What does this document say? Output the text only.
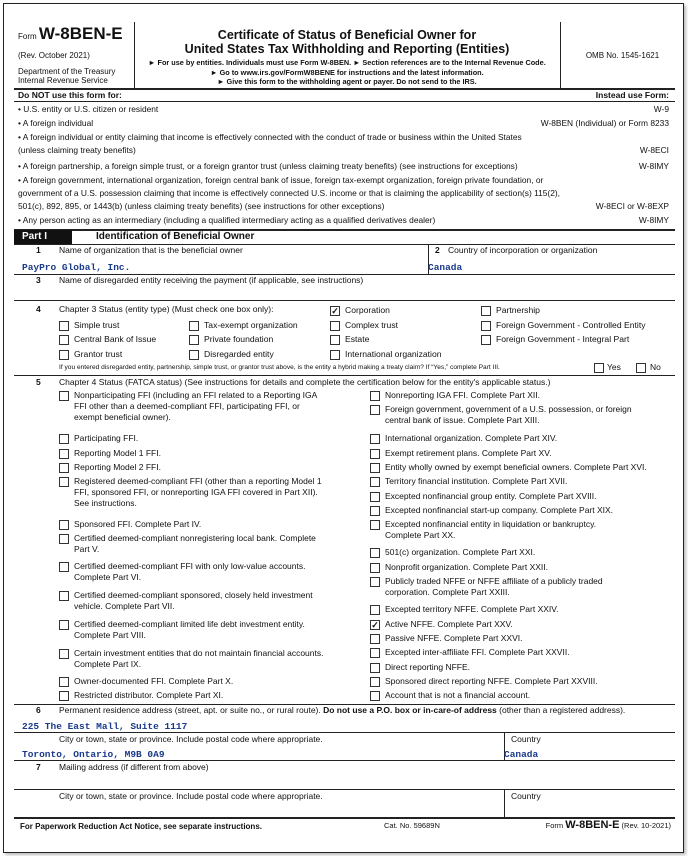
Form W-8BEN-E
(Rev. October 2021)
Department of the Treasury
Internal Revenue Service
Certificate of Status of Beneficial Owner for
United States Tax Withholding and Reporting (Entities)
► For use by entities. Individuals must use Form W-8BEN. ► Section references are to the Internal Revenue Code.
► Go to www.irs.gov/FormW8BENE for instructions and the latest information.
► Give this form to the withholding agent or payer. Do not send to the IRS.
OMB No. 1545-1621
Do NOT use this form for:	Instead use Form:
• U.S. entity or U.S. citizen or resident	W-9
• A foreign individual	W-8BEN (Individual) or Form 8233
• A foreign individual or entity claiming that income is effectively connected with the conduct of trade or business within the United States
(unless claiming treaty benefits)	W-8ECI
• A foreign partnership, a foreign simple trust, or a foreign grantor trust (unless claiming treaty benefits) (see instructions for exceptions)	W-8IMY
• A foreign government, international organization, foreign central bank of issue, foreign tax-exempt organization, foreign private foundation, or
government of a U.S. possession claiming that income is effectively connected U.S. income or that is claiming the applicability of section(s) 115(2),
501(c), 892, 895, or 1443(b) (unless claiming treaty benefits) (see instructions for other exceptions)	W-8ECI or W-8EXP
• Any person acting as an intermediary (including a qualified intermediary acting as a qualified derivatives dealer)	W-8IMY
Part I	Identification of Beneficial Owner
1 Name of organization that is the beneficial owner
PayPro Global, Inc.
2 Country of incorporation or organization
Canada
3 Name of disregarded entity receiving the payment (if applicable, see instructions)
4 Chapter 3 Status (entity type) (Must check one box only):	✓ Corporation	Partnership
Simple trust	Tax-exempt organization	Complex trust	Foreign Government - Controlled Entity
Central Bank of Issue	Private foundation	Estate	Foreign Government - Integral Part
Grantor trust	Disregarded entity	International organization
If you entered disregarded entity, partnership, simple trust, or grantor trust above, is the entity a hybrid making a treaty claim? If “Yes,” complete Part III.	Yes	No
5 Chapter 4 Status (FATCA status) (See instructions for details and complete the certification below for the entity's applicable status.)
Nonparticipating FFI (including an FFI related to a Reporting IGA
FFI other than a deemed-compliant FFI, participating FFI, or
exempt beneficial owner).
Participating FFI.
Reporting Model 1 FFI.
Reporting Model 2 FFI.
Registered deemed-compliant FFI (other than a reporting Model 1
FFI, sponsored FFI, or nonreporting IGA FFI covered in Part XII).
See instructions.
Sponsored FFI. Complete Part IV.
Certified deemed-compliant nonregistering local bank. Complete
Part V.
Certified deemed-compliant FFI with only low-value accounts.
Complete Part VI.
Certified deemed-compliant sponsored, closely held investment
vehicle. Complete Part VII.
Certified deemed-compliant limited life debt investment entity.
Complete Part VIII.
Certain investment entities that do not maintain financial accounts.
Complete Part IX.
Owner-documented FFI. Complete Part X.
Restricted distributor. Complete Part XI.
Nonreporting IGA FFI. Complete Part XII.
Foreign government, government of a U.S. possession, or foreign
central bank of issue. Complete Part XIII.
International organization. Complete Part XIV.
Exempt retirement plans. Complete Part XV.
Entity wholly owned by exempt beneficial owners. Complete Part XVI.
Territory financial institution. Complete Part XVII.
Excepted nonfinancial group entity. Complete Part XVIII.
Excepted nonfinancial start-up company. Complete Part XIX.
Excepted nonfinancial entity in liquidation or bankruptcy.
Complete Part XX.
501(c) organization. Complete Part XXI.
Nonprofit organization. Complete Part XXII.
Publicly traded NFFE or NFFE affiliate of a publicly traded
corporation. Complete Part XXIII.
Excepted territory NFFE. Complete Part XXIV.
✓ Active NFFE. Complete Part XXV.
Passive NFFE. Complete Part XXVI.
Excepted inter-affiliate FFI. Complete Part XXVII.
Direct reporting NFFE.
Sponsored direct reporting NFFE. Complete Part XXVIII.
Account that is not a financial account.
6 Permanent residence address (street, apt. or suite no., or rural route). Do not use a P.O. box or in-care-of address (other than a registered address).
225 The East Mall, Suite 1117
City or town, state or province. Include postal code where appropriate.
Toronto, Ontario, M9B 0A9
Country
Canada
7 Mailing address (if different from above)
City or town, state or province. Include postal code where appropriate.	Country
For Paperwork Reduction Act Notice, see separate instructions.	Cat. No. 59689N	Form W-8BEN-E (Rev. 10-2021)
